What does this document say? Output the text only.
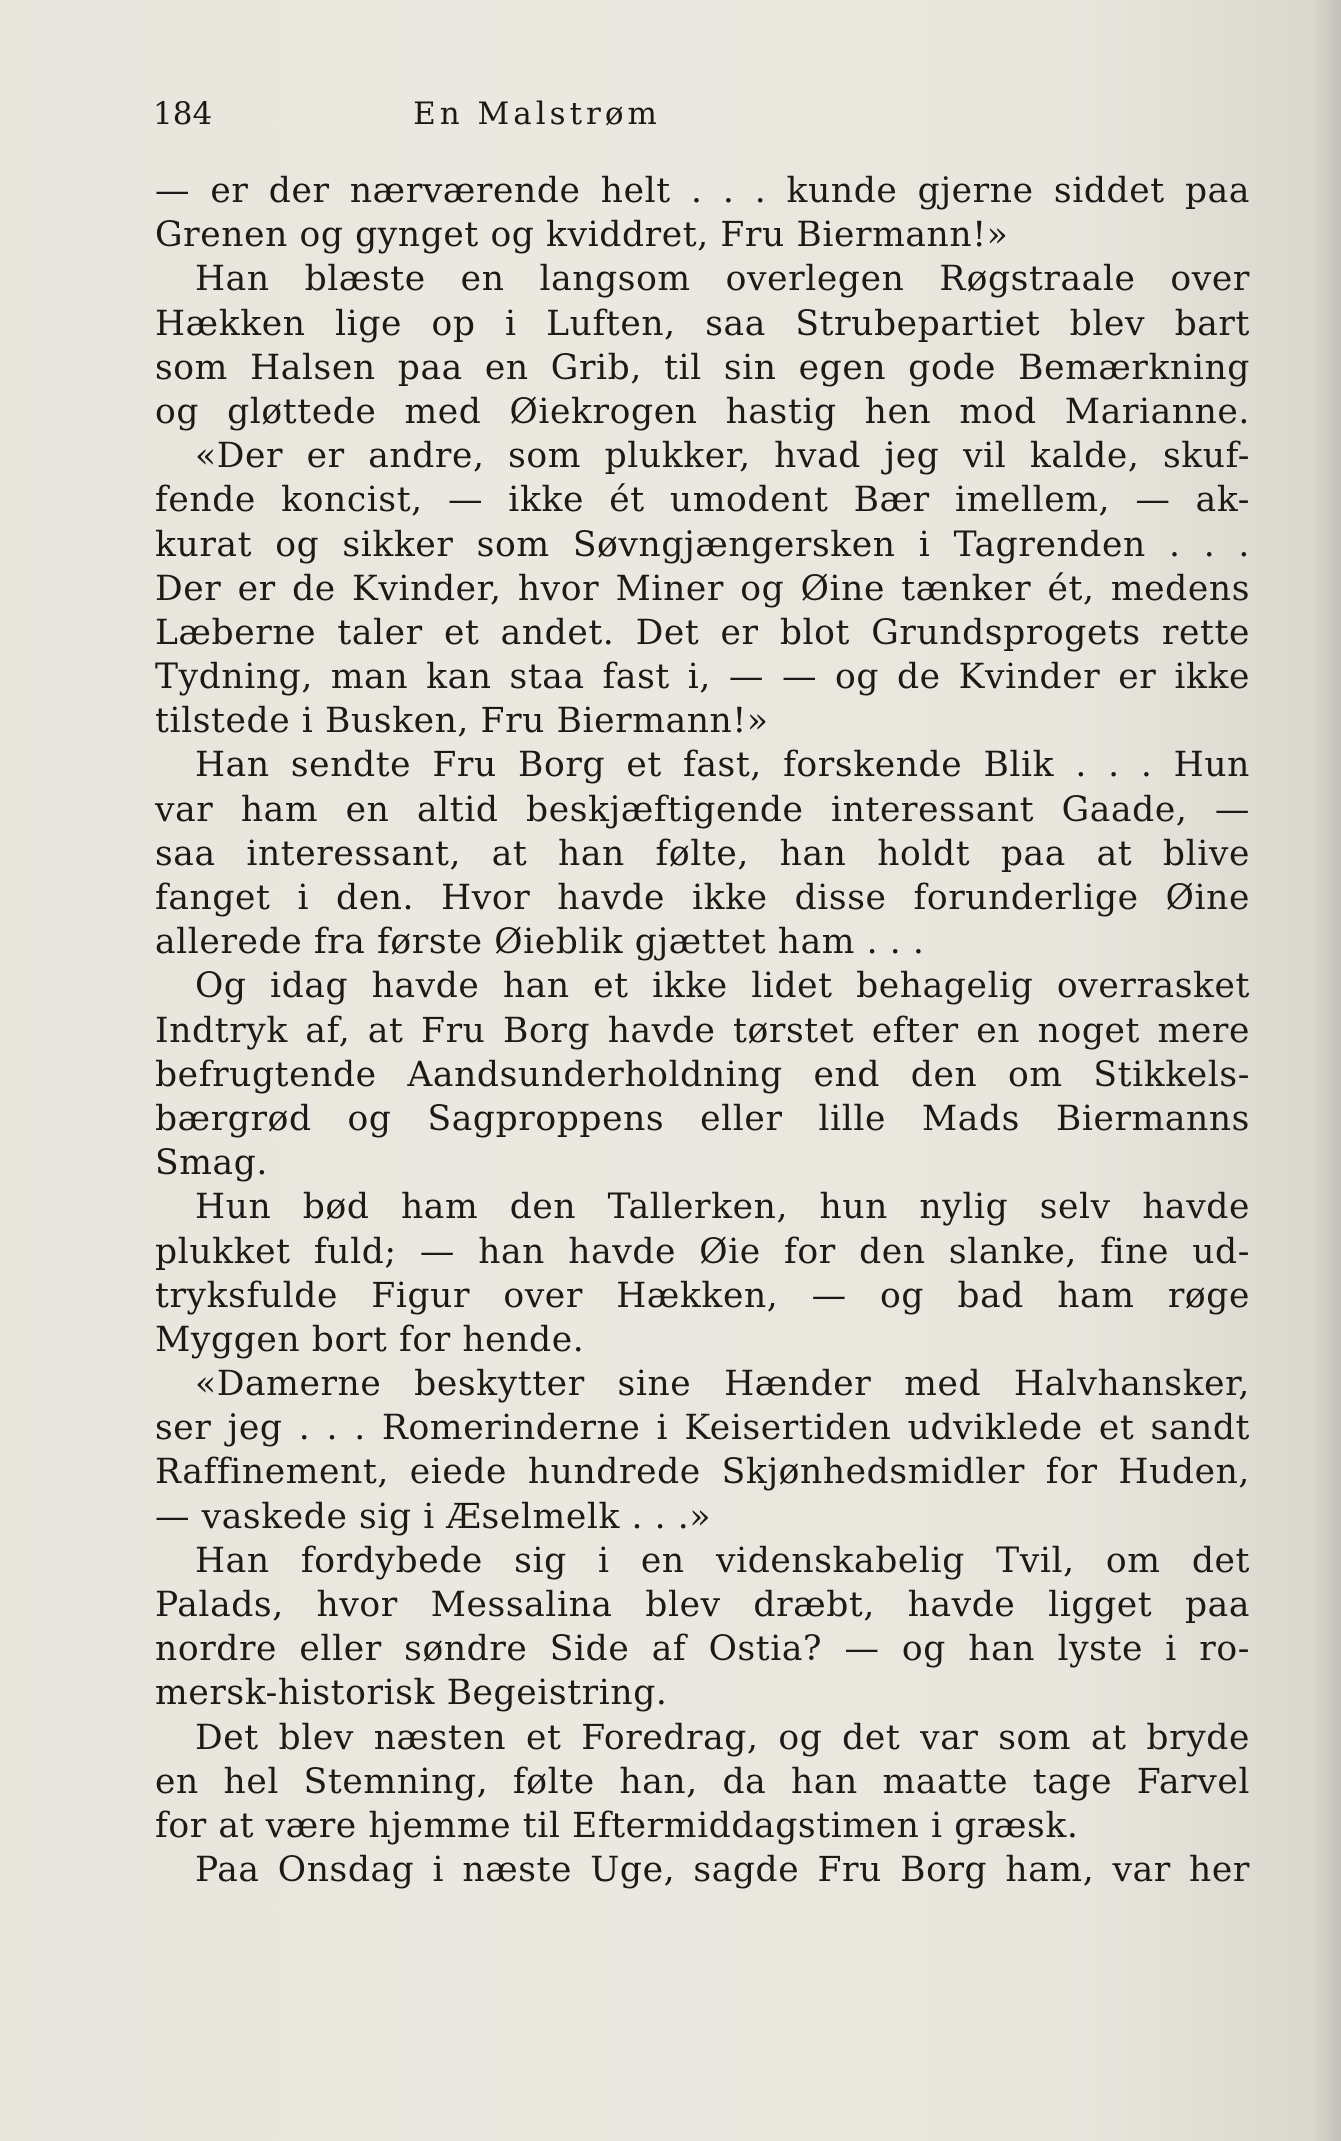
184	En Malstrøm
— er der nærværende helt . . . kunde gjerne siddet paa
Grenen og gynget og kviddret, Fru Biermann!»
Han blæste en langsom overlegen Røgstraale over
Hækken lige op i Luften, saa Strubepartiet blev bart
som Halsen paa en Grib, til sin egen gode Bemærkning
og gløttede med Øiekrogen hastig hen mod Marianne.
«Der er andre, som plukker, hvad jeg vil kalde, skuf-
fende koncist, — ikke ét umodent Bær imellem, — ak-
kurat og sikker som Søvngjængersken i Tagrenden . . .
Der er de Kvinder, hvor Miner og Øine tænker ét, medens
Læberne taler et andet. Det er blot Grundsprogets rette
Tydning, man kan staa fast i, — — og de Kvinder er ikke
tilstede i Busken, Fru Biermann!»
Han sendte Fru Borg et fast, forskende Blik . . . Hun
var ham en altid beskjæftigende interessant Gaade, —
saa interessant, at han følte, han holdt paa at blive
fanget i den. Hvor havde ikke disse forunderlige Øine
allerede fra første Øieblik gjættet ham . . .
Og idag havde han et ikke lidet behagelig overrasket
Indtryk af, at Fru Borg havde tørstet efter en noget mere
befrugtende Aandsunderholdning end den om Stikkels-
bærgrød og Sagproppens eller lille Mads Biermanns
Smag.
Hun bød ham den Tallerken, hun nylig selv havde
plukket fuld; — han havde Øie for den slanke, fine ud-
tryksfulde Figur over Hækken, — og bad ham røge
Myggen bort for hende.
«Damerne beskytter sine Hænder med Halvhansker,
ser jeg . . . Romerinderne i Keisertiden udviklede et sandt
Raffinement, eiede hundrede Skjønhedsmidler for Huden,
— vaskede sig i Æselmelk . . .»
Han fordybede sig i en videnskabelig Tvil, om det
Palads, hvor Messalina blev dræbt, havde ligget paa
nordre eller søndre Side af Ostia? — og han lyste i ro-
mersk-historisk Begeistring.
Det blev næsten et Foredrag, og det var som at bryde
en hel Stemning, følte han, da han maatte tage Farvel
for at være hjemme til Eftermiddagstimen i græsk.
Paa Onsdag i næste Uge, sagde Fru Borg ham, var her
